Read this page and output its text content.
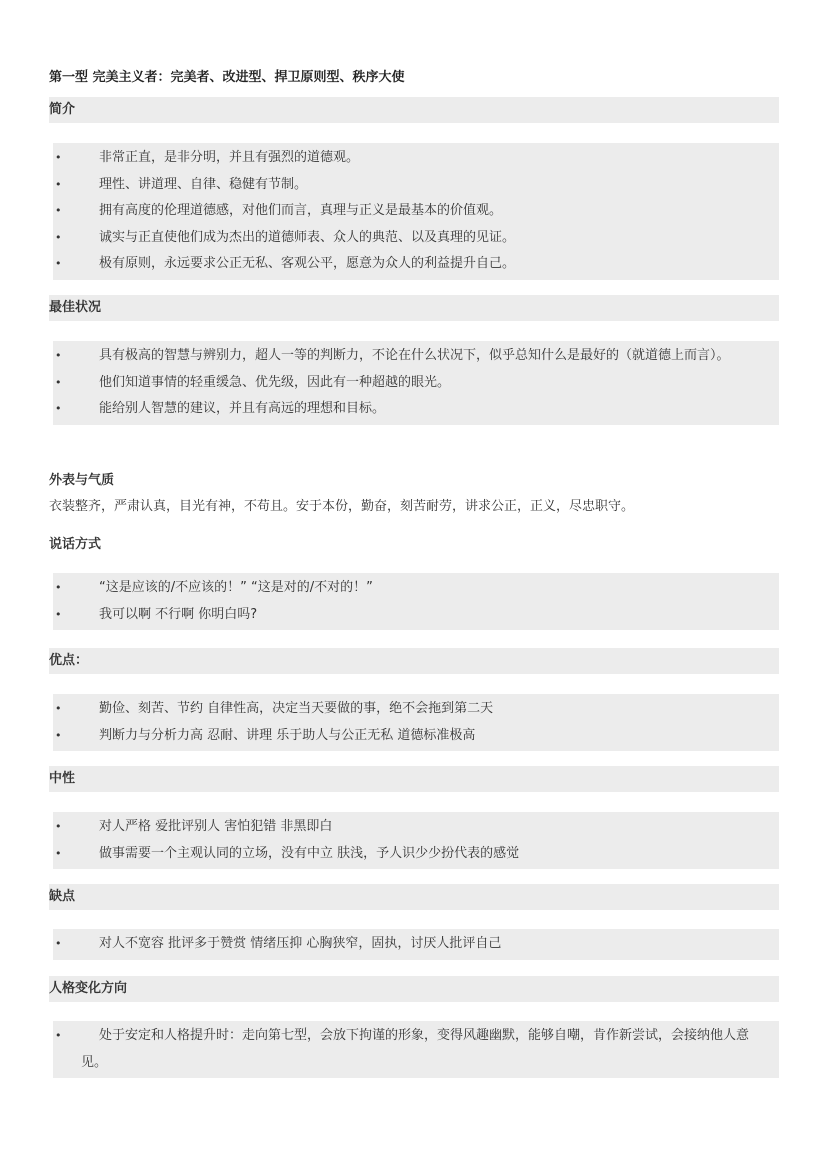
第一型 完美主义者：完美者、改进型、捍卫原则型、秩序大使
简介
•	非常正直，是非分明，并且有强烈的道德观。
•	理性、讲道理、自律、稳健有节制。
•	拥有高度的伦理道德感，对他们而言，真理与正义是最基本的价值观。
•	诚实与正直使他们成为杰出的道德师表、众人的典范、以及真理的见证。
•	极有原则，永远要求公正无私、客观公平，愿意为众人的利益提升自己。
最佳状况
•	具有极高的智慧与辨别力，超人一等的判断力，不论在什么状况下，似乎总知什么是最好的（就道德上而言）。
•	他们知道事情的轻重缓急、优先级，因此有一种超越的眼光。
•	能给别人智慧的建议，并且有高远的理想和目标。
外表与气质
衣装整齐，严肃认真，目光有神，不苟且。安于本份，勤奋，刻苦耐劳，讲求公正，正义，尽忠职守。
说话方式
•	“这是应该的/不应该的！” “这是对的/不对的！”
•	我可以啊 不行啊 你明白吗?
优点：
•	勤俭、刻苦、节约 自律性高，决定当天要做的事，绝不会拖到第二天
•	判断力与分析力高 忍耐、讲理 乐于助人与公正无私 道德标准极高
中性
•	对人严格 爱批评别人 害怕犯错 非黑即白
•	做事需要一个主观认同的立场，没有中立 肤浅，予人识少少扮代表的感觉
缺点
•	对人不宽容 批评多于赞赏 情绪压抑 心胸狭窄，固执，讨厌人批评自己
人格变化方向
•	处于安定和人格提升时：走向第七型，会放下拘谨的形象，变得风趣幽默，能够自嘲，肯作新尝试，会接纳他人意见。
